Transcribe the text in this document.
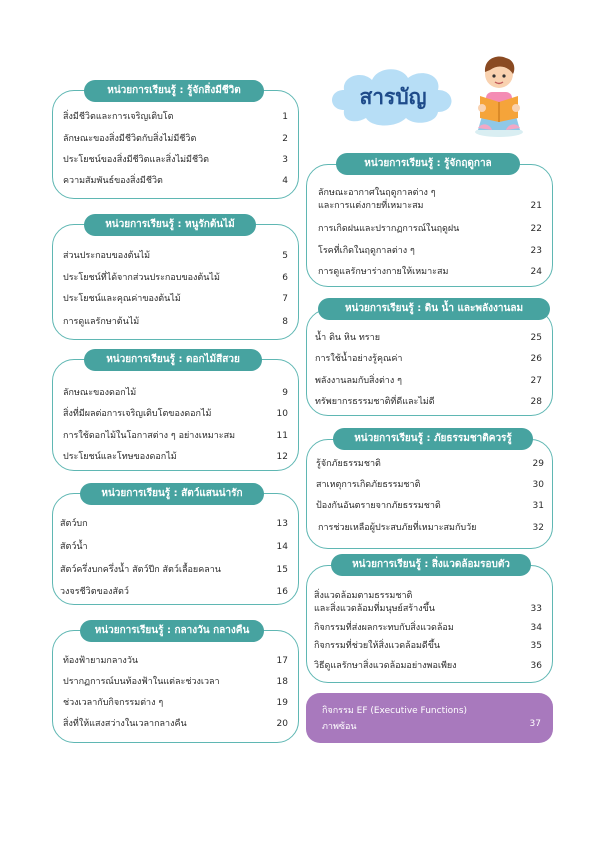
สารบัญ
หน่วยการเรียนรู้ : รู้จักสิ่งมีชีวิต
สิ่งมีชีวิตและการเจริญเติบโต	1
ลักษณะของสิ่งมีชีวิตกับสิ่งไม่มีชีวิต	2
ประโยชน์ของสิ่งมีชีวิตและสิ่งไม่มีชีวิต	3
ความสัมพันธ์ของสิ่งมีชีวิต	4
หน่วยการเรียนรู้ : หนูรักต้นไม้
ส่วนประกอบของต้นไม้	5
ประโยชน์ที่ได้จากส่วนประกอบของต้นไม้	6
ประโยชน์และคุณค่าของต้นไม้	7
การดูแลรักษาต้นไม้	8
หน่วยการเรียนรู้ : ดอกไม้สีสวย
ลักษณะของดอกไม้	9
สิ่งที่มีผลต่อการเจริญเติบโตของดอกไม้	10
การใช้ดอกไม้ในโอกาสต่าง ๆ อย่างเหมาะสม	11
ประโยชน์และโทษของดอกไม้	12
หน่วยการเรียนรู้ : สัตว์แสนน่ารัก
สัตว์บก	13
สัตว์น้ำ	14
สัตว์ครึ่งบกครึ่งน้ำ สัตว์ปีก สัตว์เลื้อยคลาน	15
วงจรชีวิตของสัตว์	16
หน่วยการเรียนรู้ : กลางวัน กลางคืน
ท้องฟ้ายามกลางวัน	17
ปรากฏการณ์บนท้องฟ้าในแต่ละช่วงเวลา	18
ช่วงเวลากับกิจกรรมต่าง ๆ	19
สิ่งที่ให้แสงสว่างในเวลากลางคืน	20
หน่วยการเรียนรู้ : รู้จักฤดูกาล
ลักษณะอากาศในฤดูกาลต่าง ๆ
และการแต่งกายที่เหมาะสม	21
การเกิดฝนและปรากฏการณ์ในฤดูฝน	22
โรคที่เกิดในฤดูกาลต่าง ๆ	23
การดูแลรักษาร่างกายให้เหมาะสม	24
หน่วยการเรียนรู้ : ดิน น้ำ และพลังงานลม
น้ำ ดิน หิน ทราย	25
การใช้น้ำอย่างรู้คุณค่า	26
พลังงานลมกับสิ่งต่าง ๆ	27
ทรัพยากรธรรมชาติที่ดีและไม่ดี	28
หน่วยการเรียนรู้ : ภัยธรรมชาติควรรู้
รู้จักภัยธรรมชาติ	29
สาเหตุการเกิดภัยธรรมชาติ	30
ป้องกันอันตรายจากภัยธรรมชาติ	31
การช่วยเหลือผู้ประสบภัยที่เหมาะสมกับวัย	32
หน่วยการเรียนรู้ : สิ่งแวดล้อมรอบตัว
สิ่งแวดล้อมตามธรรมชาติ
และสิ่งแวดล้อมที่มนุษย์สร้างขึ้น	33
กิจกรรมที่ส่งผลกระทบกับสิ่งแวดล้อม	34
กิจกรรมที่ช่วยให้สิ่งแวดล้อมดีขึ้น	35
วิธีดูแลรักษาสิ่งแวดล้อมอย่างพอเพียง	36
กิจกรรม EF (Executive Functions)
ภาพซ้อน	37
